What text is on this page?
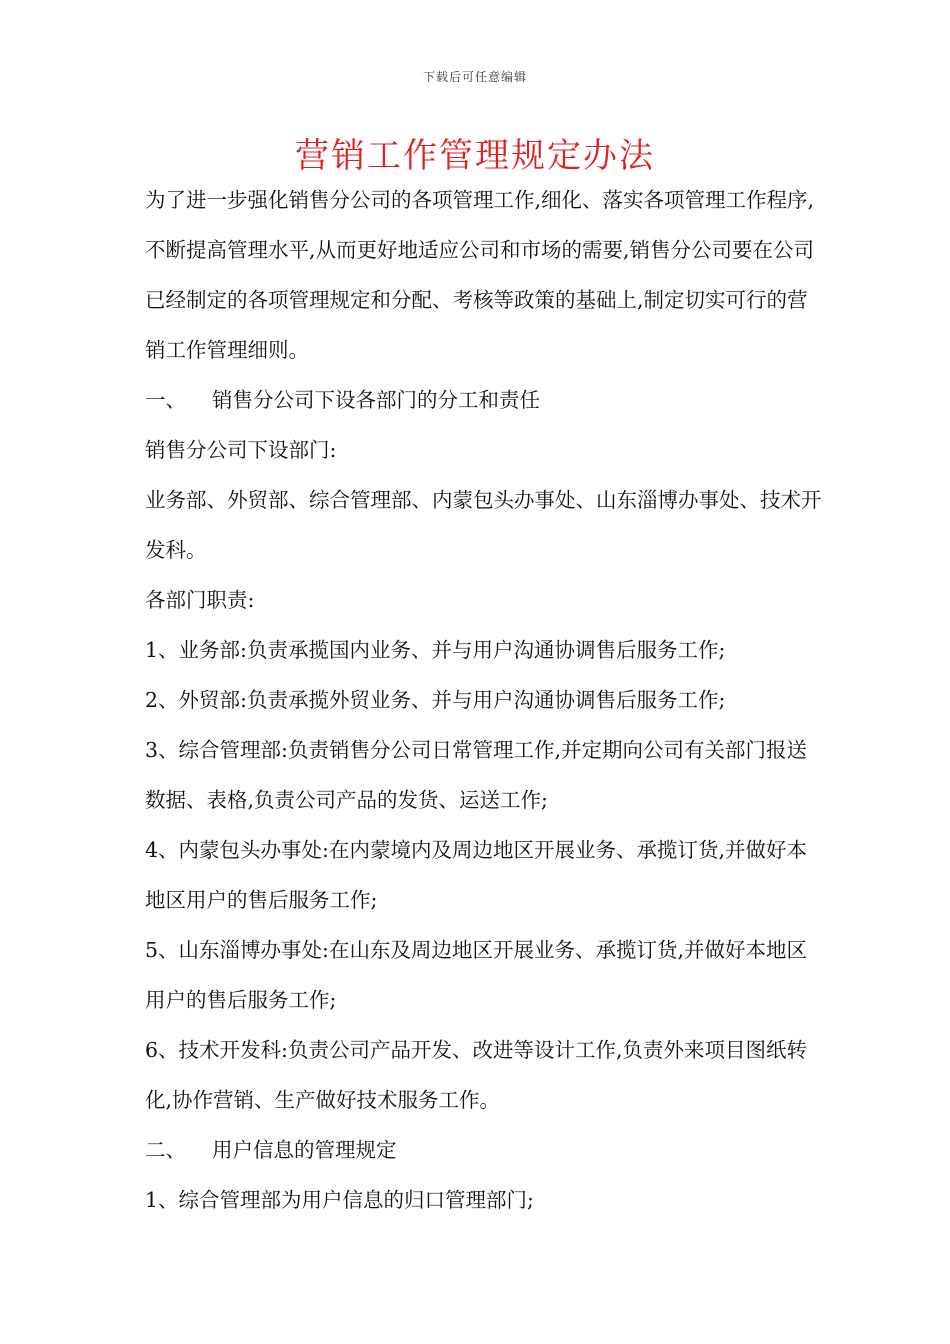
下载后可任意编辑
营销工作管理规定办法

为了进一步强化销售分公司的各项管理工作,细化、落实各项管理工作程序,不断提高管理水平,从而更好地适应公司和市场的需要,销售分公司要在公司已经制定的各项管理规定和分配、考核等政策的基础上,制定切实可行的营销工作管理细则。

一、 销售分公司下设各部门的分工和责任

销售分公司下设部门:

业务部、外贸部、综合管理部、内蒙包头办事处、山东淄博办事处、技术开发科。

各部门职责:

1、业务部:负责承揽国内业务、并与用户沟通协调售后服务工作;

2、外贸部:负责承揽外贸业务、并与用户沟通协调售后服务工作;

3、综合管理部:负责销售分公司日常管理工作,并定期向公司有关部门报送数据、表格,负责公司产品的发货、运送工作;

4、内蒙包头办事处:在内蒙境内及周边地区开展业务、承揽订货,并做好本地区用户的售后服务工作;

5、山东淄博办事处:在山东及周边地区开展业务、承揽订货,并做好本地区用户的售后服务工作;

6、技术开发科:负责公司产品开发、改进等设计工作,负责外来项目图纸转化,协作营销、生产做好技术服务工作。

二、 用户信息的管理规定

1、综合管理部为用户信息的归口管理部门;
